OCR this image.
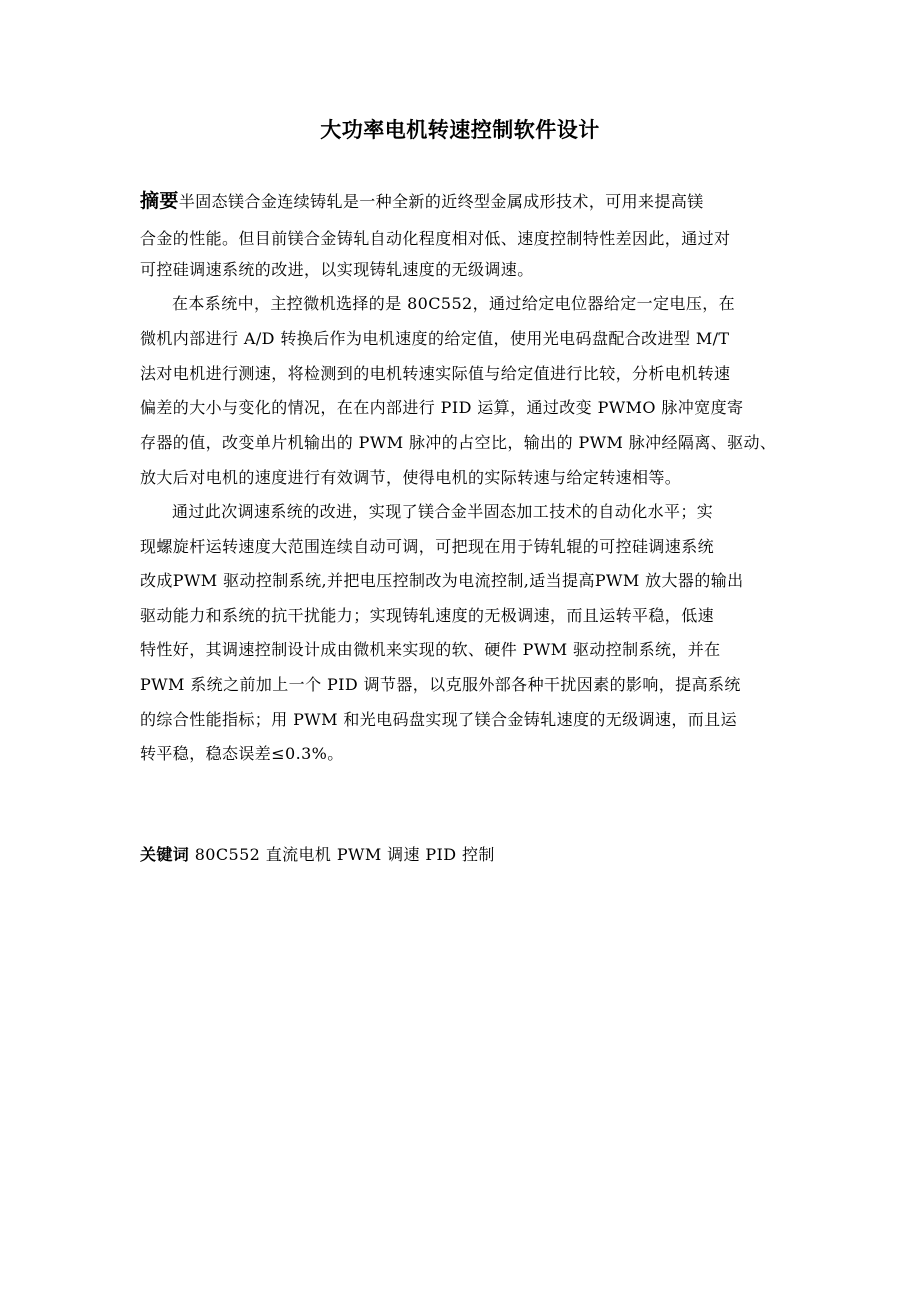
大功率电机转速控制软件设计
摘要半固态镁合金连续铸轧是一种全新的近终型金属成形技术，可用来提高镁
合金的性能。但目前镁合金铸轧自动化程度相对低、速度控制特性差因此，通过对
可控硅调速系统的改进，以实现铸轧速度的无级调速。
在本系统中，主控微机选择的是 80C552，通过给定电位器给定一定电压，在
微机内部进行 A/D 转换后作为电机速度的给定值，使用光电码盘配合改进型 M/T
法对电机进行测速，将检测到的电机转速实际值与给定值进行比较，分析电机转速
偏差的大小与变化的情况，在在内部进行 PID 运算，通过改变 PWMO 脉冲宽度寄
存器的值，改变单片机输出的 PWM 脉冲的占空比，输出的 PWM 脉冲经隔离、驱动、
放大后对电机的速度进行有效调节，使得电机的实际转速与给定转速相等。
通过此次调速系统的改进，实现了镁合金半固态加工技术的自动化水平；实
现螺旋杆运转速度大范围连续自动可调，可把现在用于铸轧辊的可控硅调速系统
改成PWM 驱动控制系统,并把电压控制改为电流控制,适当提高PWM 放大器的输出
驱动能力和系统的抗干扰能力；实现铸轧速度的无极调速，而且运转平稳，低速
特性好，其调速控制设计成由微机来实现的软、硬件 PWM 驱动控制系统，并在
PWM 系统之前加上一个 PID 调节器，以克服外部各种干扰因素的影响，提高系统
的综合性能指标；用 PWM 和光电码盘实现了镁合金铸轧速度的无级调速，而且运
转平稳，稳态误差≤0.3%。
关键词 80C552 直流电机 PWM 调速 PID 控制
